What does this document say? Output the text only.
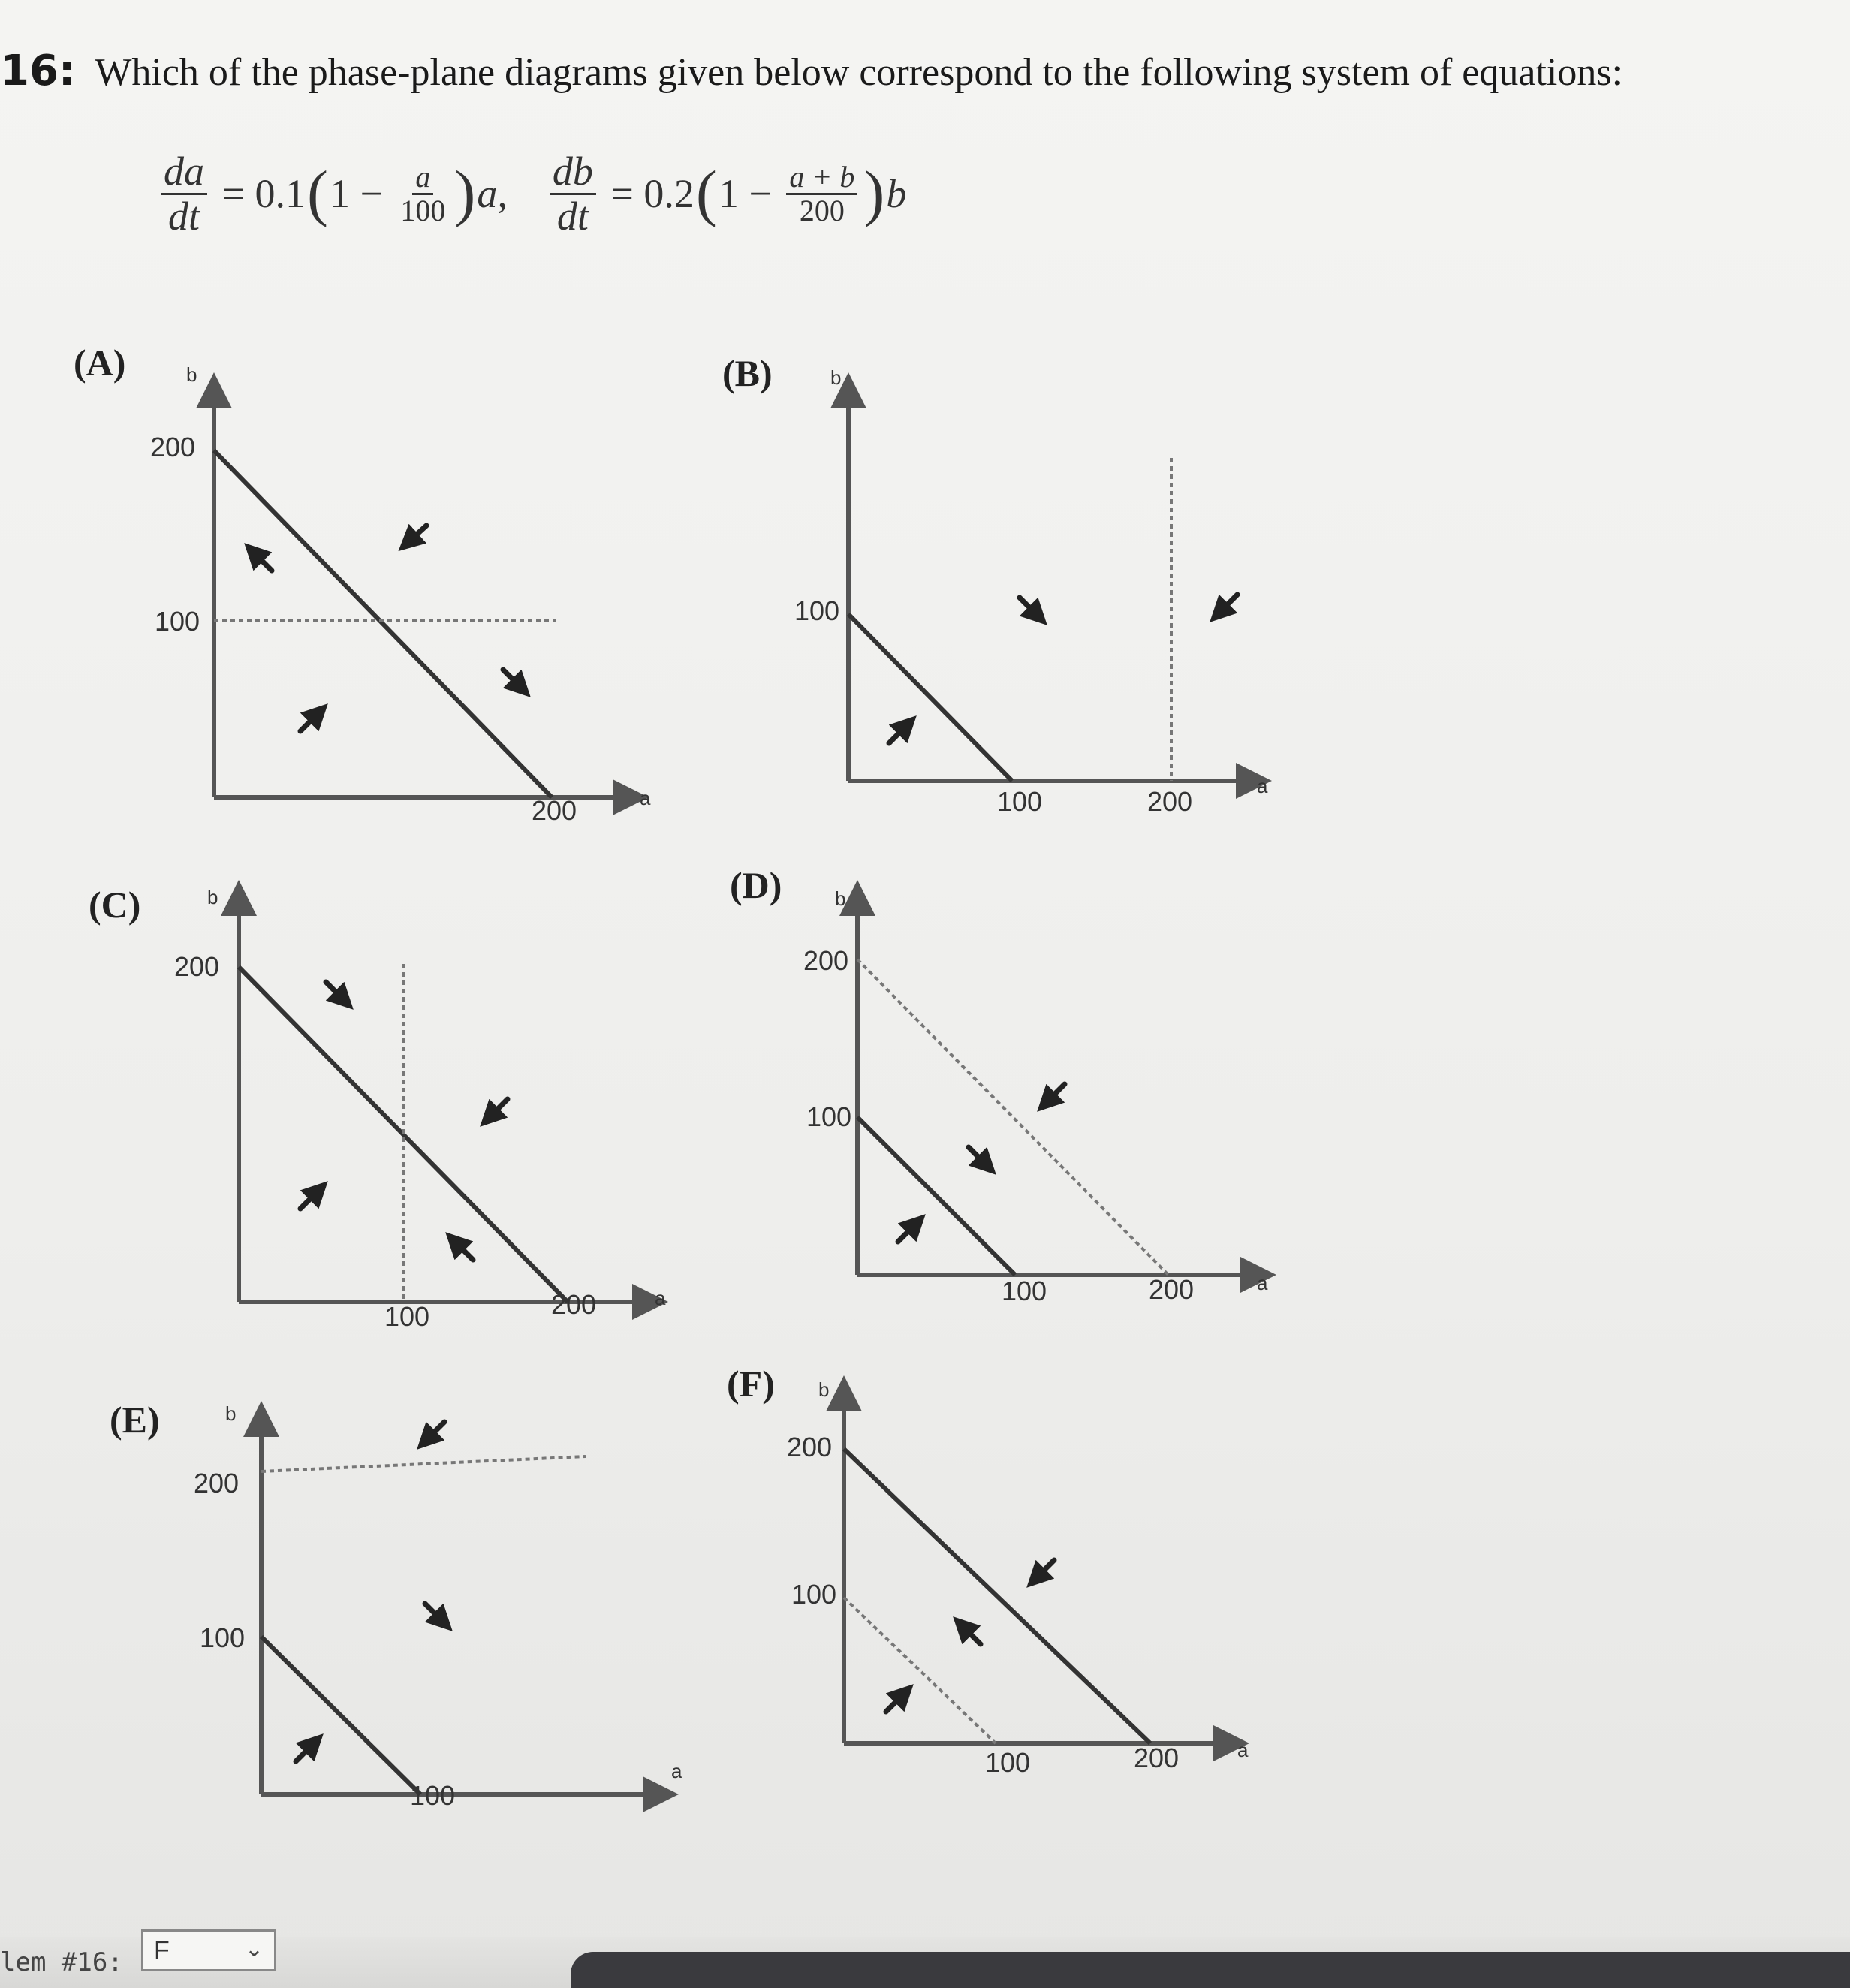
16: Which of the phase-plane diagrams given below correspond to the following system of equations:
$\frac{da}{dt} = 0.1$ ( $1 - \frac{a}{100}$ ) a, $\frac{db}{dt} = 0.2$ ( $1 - \frac{a + b}{200}$ ) b
(A)	b
a
200
100
200
(B)	b
a
100
100	200
(C)	b
a
200
100	200
(D)	b
a
200
100
100	200
(E)	b
a
200
100
100
(F) b
a
200
100
100	200
lem #16:	F	⌄
